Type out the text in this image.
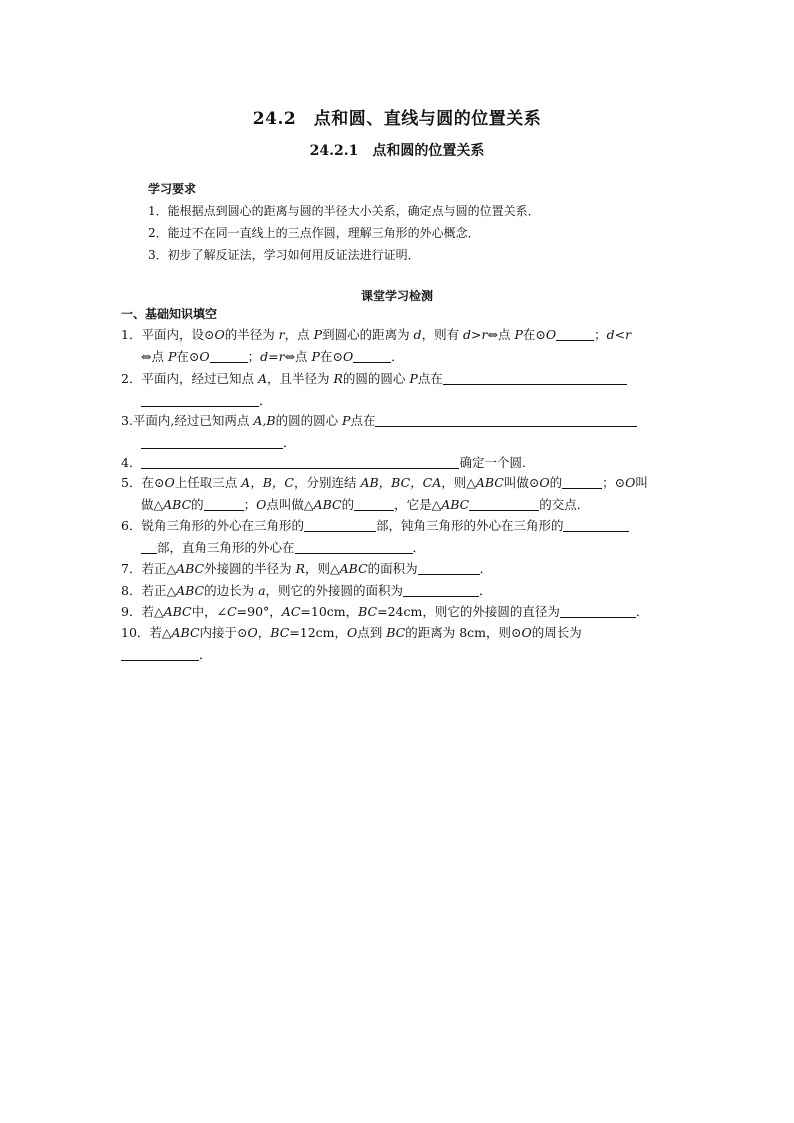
24.2　点和圆、直线与圆的位置关系
24.2.1　点和圆的位置关系
学习要求
1．能根据点到圆心的距离与圆的半径大小关系，确定点与圆的位置关系．
2．能过不在同一直线上的三点作圆，理解三角形的外心概念．
3．初步了解反证法，学习如何用反证法进行证明．
课堂学习检测
一、基础知识填空
1．平面内，设⊙O的半径为 r，点 P到圆心的距离为 d，则有 d>r⇔点 P在⊙O	；d<r
⇔点 P在⊙O	；d=r⇔点 P在⊙O	．
2．平面内，经过已知点 A，且半径为 R的圆的圆心 P点在
．
3.平面内,经过已知两点 A,B的圆的圆心 P点在
．
4．	确定一个圆．
5．在⊙O上任取三点 A，B，C，分别连结 AB，BC，CA，则△ABC叫做⊙O的	；⊙O叫
做△ABC的	；O点叫做△ABC的	，它是△ABC	的交点．
6．锐角三角形的外心在三角形的	部，钝角三角形的外心在三角形的
部，直角三角形的外心在	．
7．若正△ABC外接圆的半径为 R，则△ABC的面积为	．
8．若正△ABC的边长为 a，则它的外接圆的面积为	．
9．若△ABC中，∠C=90°，AC=10cm，BC=24cm，则它的外接圆的直径为	．
10．若△ABC内接于⊙O，BC=12cm，O点到 BC的距离为 8cm，则⊙O的周长为
．
